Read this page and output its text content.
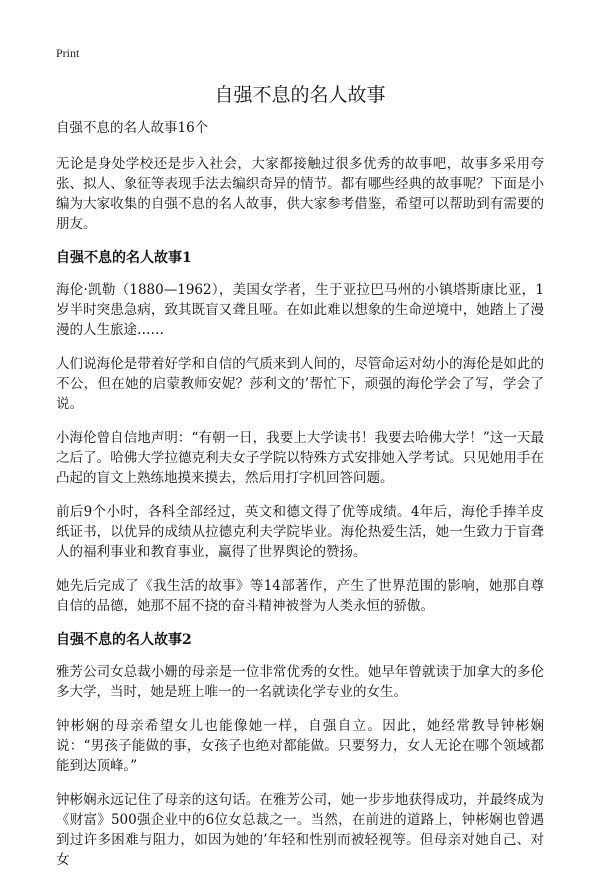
Print
自强不息的名人故事

自强不息的名人故事16个

无论是身处学校还是步入社会，大家都接触过很多优秀的故事吧，故事多采用夸张、拟人、象征等表现手法去编织奇异的情节。都有哪些经典的故事呢？下面是小编为大家收集的自强不息的名人故事，供大家参考借鉴，希望可以帮助到有需要的朋友。

自强不息的名人故事1

海伦·凯勒（1880—1962），美国女学者，生于亚拉巴马州的小镇塔斯康比亚，1岁半时突患急病，致其既盲又聋且哑。在如此难以想象的生命逆境中，她踏上了漫漫的人生旅途……

人们说海伦是带着好学和自信的气质来到人间的，尽管命运对幼小的海伦是如此的不公，但在她的启蒙教师安妮？莎利文的’帮忙下，顽强的海伦学会了写，学会了说。

小海伦曾自信地声明：“有朝一日，我要上大学读书！我要去哈佛大学！”这一天最之后了。哈佛大学拉德克利夫女子学院以特殊方式安排她入学考试。只见她用手在凸起的盲文上熟练地摸来摸去，然后用打字机回答问题。

前后9个小时，各科全部经过，英文和德文得了优等成绩。4年后，海伦手捧羊皮纸证书，以优异的成绩从拉德克利夫学院毕业。海伦热爱生活，她一生致力于盲聋人的福利事业和教育事业，赢得了世界舆论的赞扬。

她先后完成了《我生活的故事》等14部著作，产生了世界范围的影响，她那自尊自信的品德，她那不屈不挠的奋斗精神被誉为人类永恒的骄傲。

自强不息的名人故事2

雅芳公司女总裁小姗的母亲是一位非常优秀的女性。她早年曾就读于加拿大的多伦多大学，当时，她是班上唯一的一名就读化学专业的女生。

钟彬娴的母亲希望女儿也能像她一样，自强自立。因此，她经常教导钟彬娴说：“男孩子能做的事，女孩子也绝对都能做。只要努力，女人无论在哪个领域都能到达顶峰。”

钟彬娴永远记住了母亲的这句话。在雅芳公司，她一步步地获得成功，并最终成为《财富》500强企业中的6位女总裁之一。当然，在前进的道路上，钟彬娴也曾遇到过许多困难与阻力，如因为她的’年轻和性别而被轻视等。但母亲对她自己、对女
